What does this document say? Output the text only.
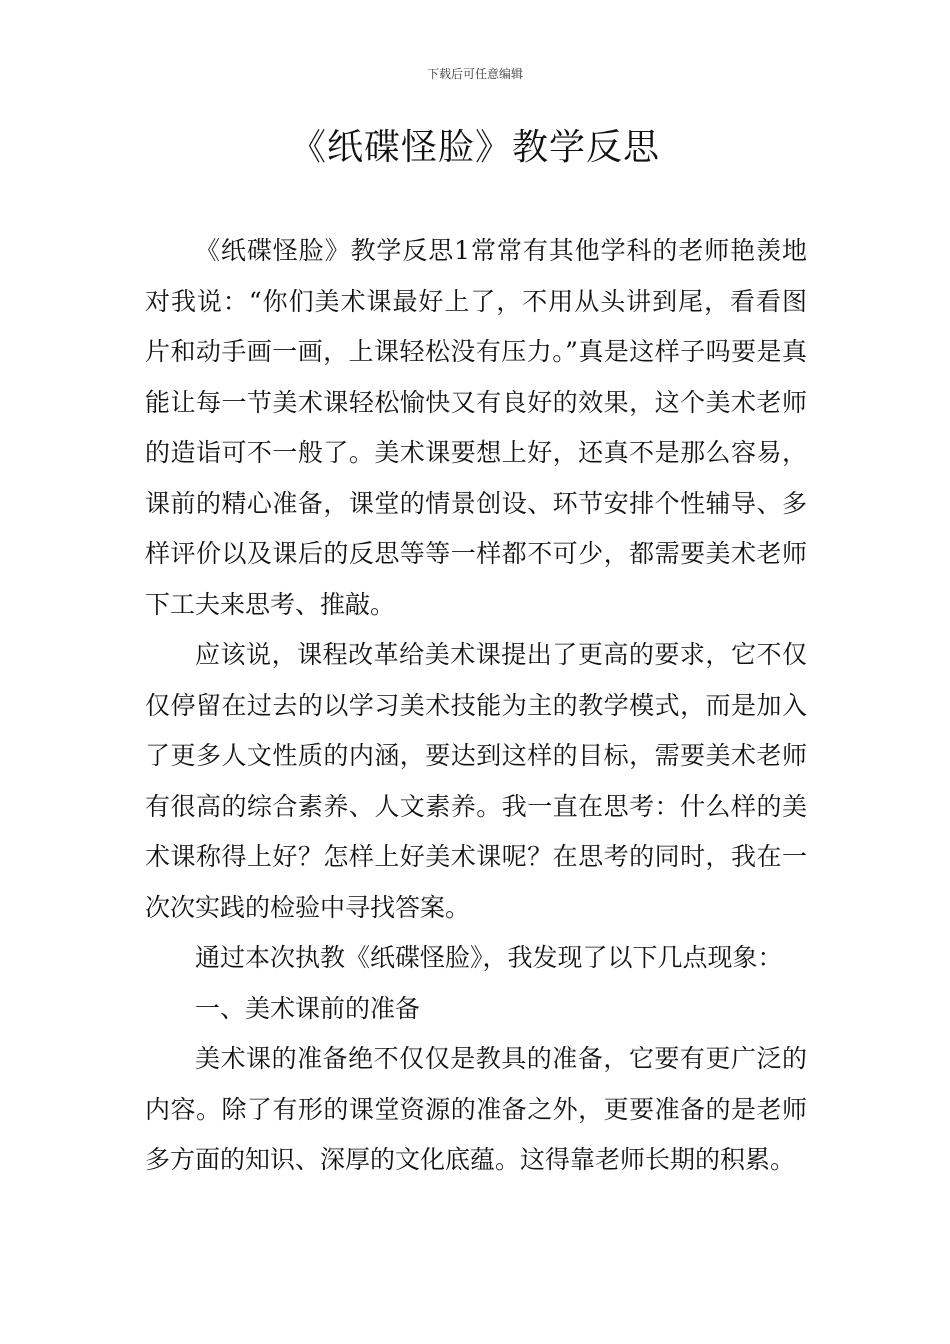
下载后可任意编辑
《纸碟怪脸》教学反思

《纸碟怪脸》教学反思1常常有其他学科的老师艳羡地对我说：“你们美术课最好上了，不用从头讲到尾，看看图片和动手画一画，上课轻松没有压力。”真是这样子吗要是真能让每一节美术课轻松愉快又有良好的效果，这个美术老师的造诣可不一般了。美术课要想上好，还真不是那么容易，课前的精心准备，课堂的情景创设、环节安排个性辅导、多样评价以及课后的反思等等一样都不可少，都需要美术老师下工夫来思考、推敲。

应该说，课程改革给美术课提出了更高的要求，它不仅仅停留在过去的以学习美术技能为主的教学模式，而是加入了更多人文性质的内涵，要达到这样的目标，需要美术老师有很高的综合素养、人文素养。我一直在思考：什么样的美术课称得上好？怎样上好美术课呢？在思考的同时，我在一次次实践的检验中寻找答案。

通过本次执教《纸碟怪脸》，我发现了以下几点现象：

一、美术课前的准备

美术课的准备绝不仅仅是教具的准备，它要有更广泛的内容。除了有形的课堂资源的准备之外，更要准备的是老师多方面的知识、深厚的文化底蕴。这得靠老师长期的积累。
